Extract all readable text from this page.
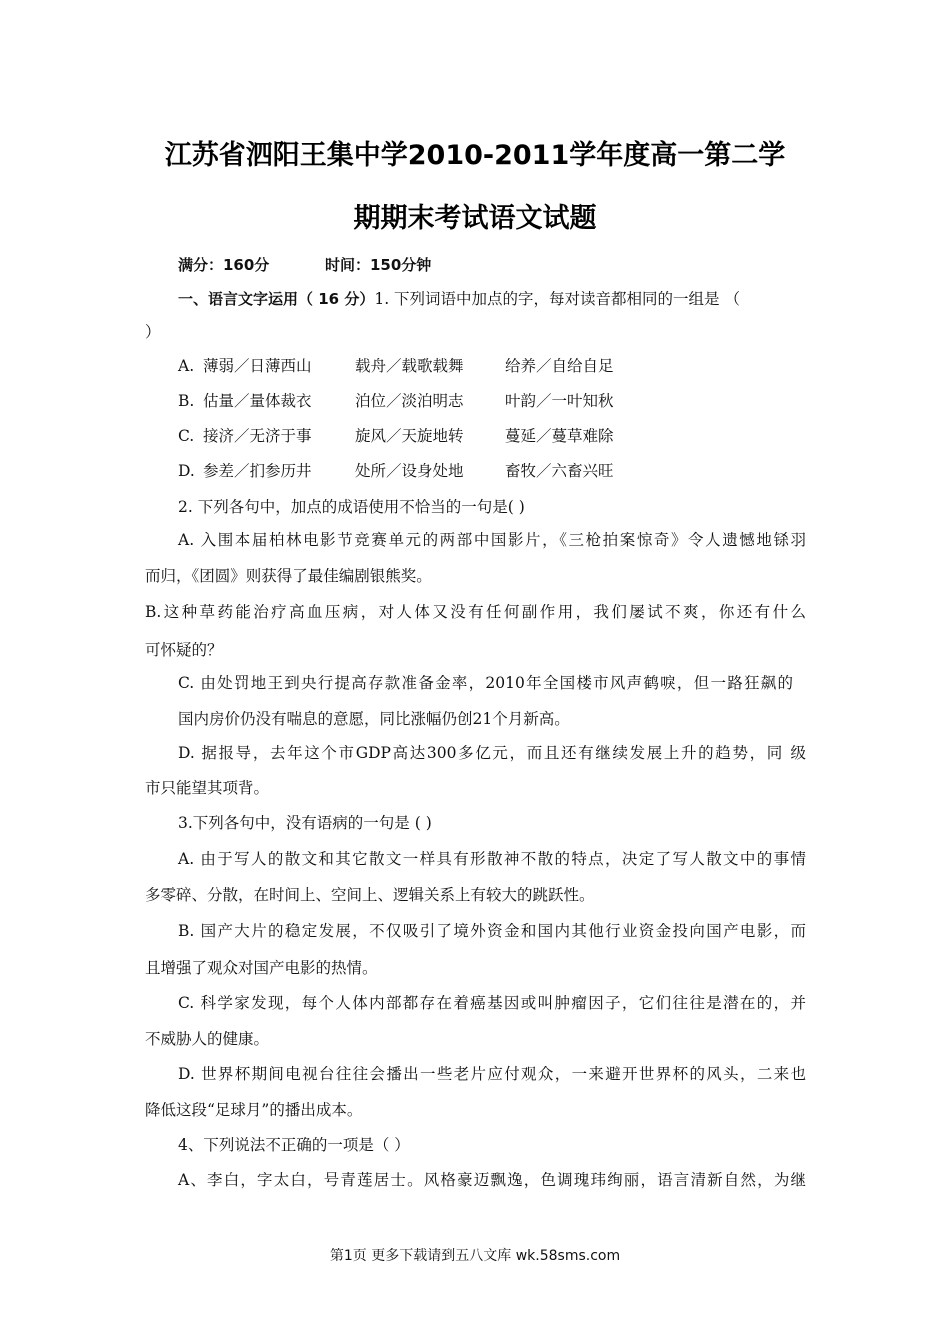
江苏省泗阳王集中学2010-2011学年度高一第二学
期期末考试语文试题
满分：160分	时间：150分钟
一、语言文字运用（ 16 分）1. 下列词语中加点的字，每对读音都相同的一组是 （
）
A. 薄弱／日薄西山	载舟／载歌载舞	给养／自给自足
B. 估量／量体裁衣	泊位／淡泊明志	叶韵／一叶知秋
C. 接济／无济于事	旋风／天旋地转	蔓延／蔓草难除
D. 参差／扪参历井	处所／设身处地	畜牧／六畜兴旺
2. 下列各句中，加点的成语使用不恰当的一句是( )
A. 入围本届柏林电影节竞赛单元的两部中国影片，《三枪拍案惊奇》令人遗憾地铩羽
而归，《团圆》则获得了最佳编剧银熊奖。
B.这种草药能治疗高血压病，对人体又没有任何副作用，我们屡试不爽，你还有什么
可怀疑的？
C. 由处罚地王到央行提高存款准备金率，2010年全国楼市风声鹤唳，但一路狂飙的
国内房价仍没有喘息的意愿，同比涨幅仍创21个月新高。
D. 据报导，去年这个市GDP高达300多亿元，而且还有继续发展上升的趋势，同 级
市只能望其项背。
3.下列各句中，没有语病的一句是 ( )
A. 由于写人的散文和其它散文一样具有形散神不散的特点，决定了写人散文中的事情
多零碎、分散，在时间上、空间上、逻辑关系上有较大的跳跃性。
B. 国产大片的稳定发展，不仅吸引了境外资金和国内其他行业资金投向国产电影，而
且增强了观众对国产电影的热情。
C. 科学家发现，每个人体内部都存在着癌基因或叫肿瘤因子，它们往往是潜在的，并
不威胁人的健康。
D. 世界杯期间电视台往往会播出一些老片应付观众，一来避开世界杯的风头，二来也
降低这段“足球月”的播出成本。
4、下列说法不正确的一项是（ ）
A、李白，字太白，号青莲居士。风格豪迈飘逸，色调瑰玮绚丽，语言清新自然，为继
第1页 更多下载请到五八文库 wk.58sms.com
